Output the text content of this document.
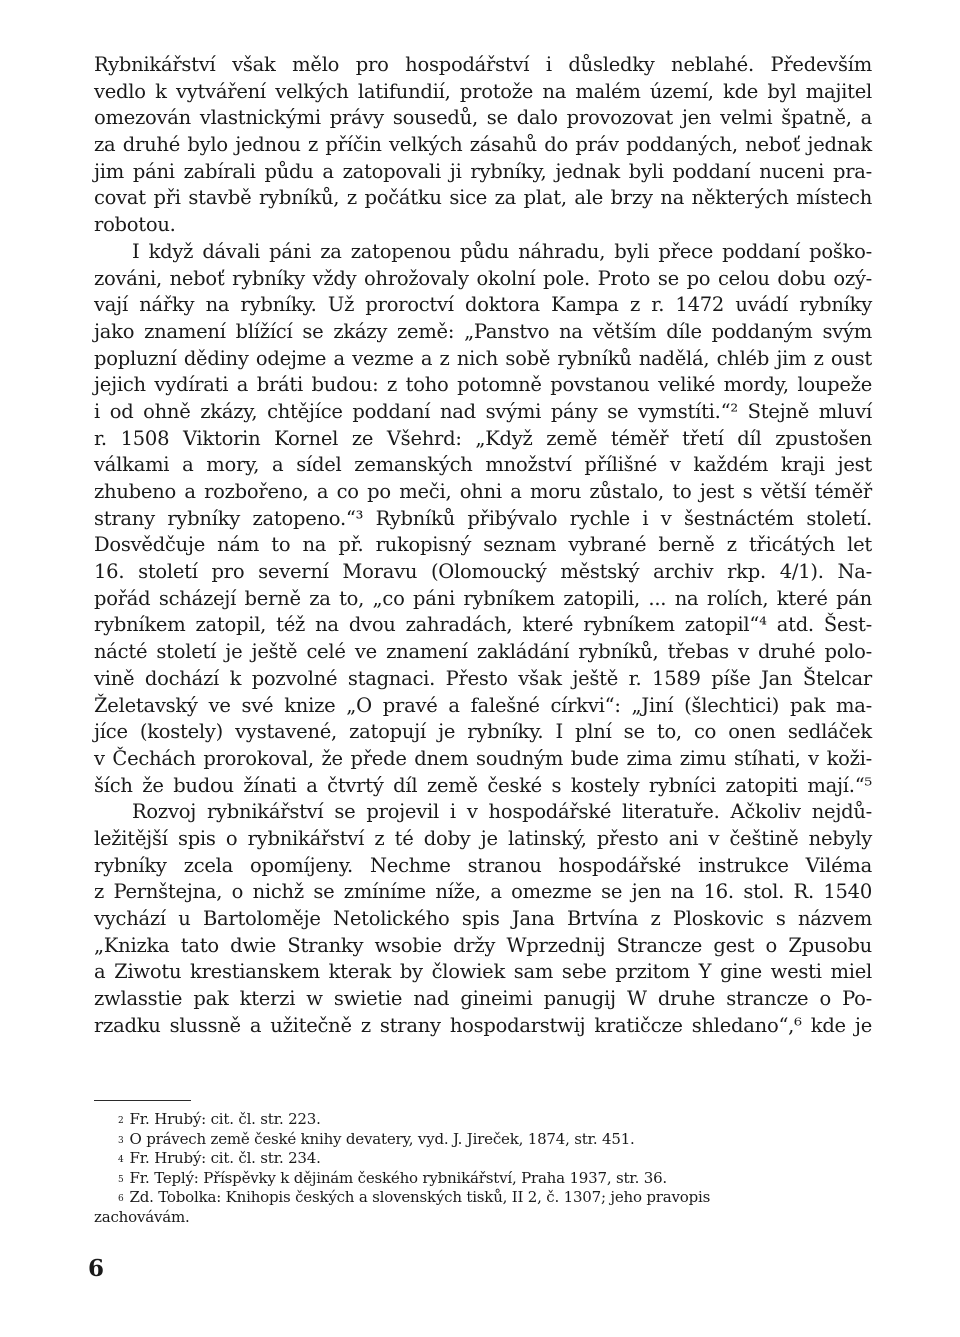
Rybnikářství však mělo pro hospodářství i důsledky neblahé. Především
vedlo k vytváření velkých latifundií, protože na malém území, kde byl majitel
omezován vlastnickými právy sousedů, se dalo provozovat jen velmi špatně, a
za druhé bylo jednou z příčin velkých zásahů do práv poddaných, neboť jednak
jim páni zabírali půdu a zatopovali ji rybníky, jednak byli poddaní nuceni pra-
covat při stavbě rybníků, z počátku sice za plat, ale brzy na některých místech
robotou.
I když dávali páni za zatopenou půdu náhradu, byli přece poddaní poško-
zováni, neboť rybníky vždy ohrožovaly okolní pole. Proto se po celou dobu ozý-
vají nářky na rybníky. Už proroctví doktora Kampa z r. 1472 uvádí rybníky
jako znamení blížící se zkázy země: „Panstvo na větším díle poddaným svým
popluzní dědiny odejme a vezme a z nich sobě rybníků nadělá, chléb jim z oust
jejich vydírati a bráti budou: z toho potomně povstanou veliké mordy, loupeže
i od ohně zkázy, chtějíce poddaní nad svými pány se vymstíti.“² Stejně mluví
r. 1508 Viktorin Kornel ze Všehrd: „Když země téměř třetí díl zpustošen
válkami a mory, a sídel zemanských množství přílišné v každém kraji jest
zhubeno a rozbořeno, a co po meči, ohni a moru zůstalo, to jest s větší téměř
strany rybníky zatopeno.“³ Rybníků přibývalo rychle i v šestnáctém století.
Dosvědčuje nám to na př. rukopisný seznam vybrané berně z třicátých let
16. století pro severní Moravu (Olomoucký městský archiv rkp. 4/1). Na-
pořád scházejí berně za to, „co páni rybníkem zatopili, ... na rolích, které pán
rybníkem zatopil, též na dvou zahradách, které rybníkem zatopil“⁴ atd. Šest-
nácté století je ještě celé ve znamení zakládání rybníků, třebas v druhé polo-
vině dochází k pozvolné stagnaci. Přesto však ještě r. 1589 píše Jan Štelcar
Želetavský ve své knize „O pravé a falešné církvi“: „Jiní (šlechtici) pak ma-
jíce (kostely) vystavené, zatopují je rybníky. I plní se to, co onen sedláček
v Čechách prorokoval, že přede dnem soudným bude zima zimu stíhati, v koži-
ších že budou žínati a čtvrtý díl země české s kostely rybníci zatopiti mají.“⁵
Rozvoj rybnikářství se projevil i v hospodářské literatuře. Ačkoliv nejdů-
ležitější spis o rybnikářství z té doby je latinský, přesto ani v češtině nebyly
rybníky zcela opomíjeny. Nechme stranou hospodářské instrukce Viléma
z Pernštejna, o nichž se zmíníme níže, a omezme se jen na 16. stol. R. 1540
vychází u Bartoloměje Netolického spis Jana Brtvína z Ploskovic s názvem
„Knizka tato dwie Stranky wsobie držy Wprzednij Strancze gest o Zpusobu
a Ziwotu krestianskem kterak by člowiek sam sebe przitom Y gine westi miel
zwlasstie pak kterzi w swietie nad gineimi panugij W druhe strancze o Po-
rzadku slussně a užitečně z strany hospodarstwij kratičcze shledano“,⁶ kde je
$^2$ Fr. Hrubý: cit. čl. str. 223.
$^3$ O právech země české knihy devatery, vyd. J. Jireček, 1874, str. 451.
$^4$ Fr. Hrubý: cit. čl. str. 234.
$^5$ Fr. Teplý: Příspěvky k dějinám českého rybnikářství, Praha 1937, str. 36.
$^6$ Zd. Tobolka: Knihopis českých a slovenských tisků, II 2, č. 1307; jeho pravopis
zachovávám.
6
